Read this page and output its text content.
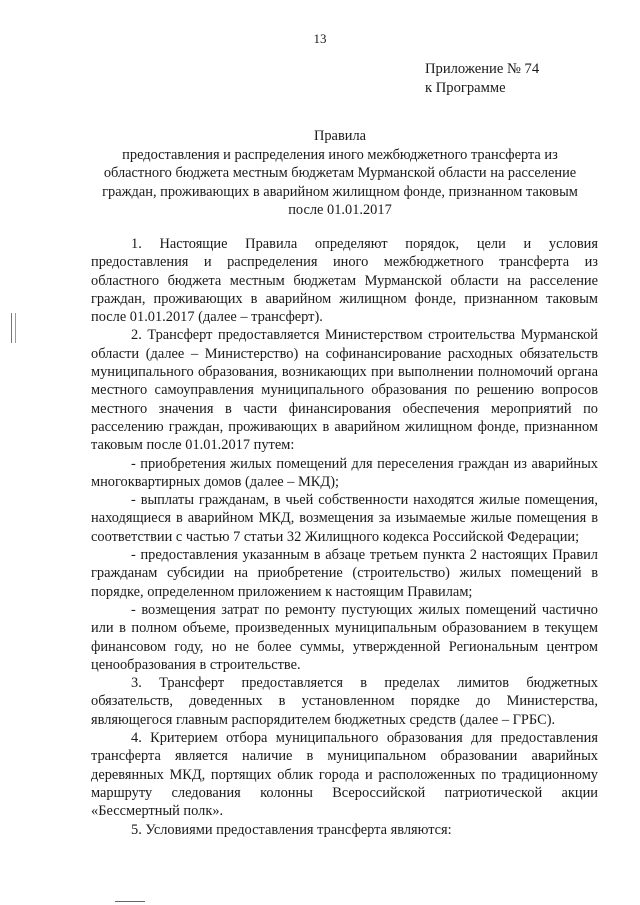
13
Приложение № 74
к Программе
Правила
предоставления и распределения иного межбюджетного трансферта из
областного бюджета местным бюджетам Мурманской области на расселение
граждан, проживающих в аварийном жилищном фонде, признанном таковым
после 01.01.2017

1. Настоящие Правила определяют порядок, цели и условия предоставления и распределения иного межбюджетного трансферта из областного бюджета местным бюджетам Мурманской области на расселение граждан, проживающих в аварийном жилищном фонде, признанном таковым после 01.01.2017 (далее – трансферт).

2. Трансферт предоставляется Министерством строительства Мурманской области (далее – Министерство) на софинансирование расходных обязательств муниципального образования, возникающих при выполнении полномочий органа местного самоуправления муниципального образования по решению вопросов местного значения в части финансирования обеспечения мероприятий по расселению граждан, проживающих в аварийном жилищном фонде, признанном таковым после 01.01.2017 путем:

- приобретения жилых помещений для переселения граждан из аварийных многоквартирных домов (далее – МКД);

- выплаты гражданам, в чьей собственности находятся жилые помещения, находящиеся в аварийном МКД, возмещения за изымаемые жилые помещения в соответствии с частью 7 статьи 32 Жилищного кодекса Российской Федерации;

- предоставления указанным в абзаце третьем пункта 2 настоящих Правил гражданам субсидии на приобретение (строительство) жилых помещений в порядке, определенном приложением к настоящим Правилам;

- возмещения затрат по ремонту пустующих жилых помещений частично или в полном объеме, произведенных муниципальным образованием в текущем финансовом году, но не более суммы, утвержденной Региональным центром ценообразования в строительстве.

3. Трансферт предоставляется в пределах лимитов бюджетных обязательств, доведенных в установленном порядке до Министерства, являющегося главным распорядителем бюджетных средств (далее – ГРБС).

4. Критерием отбора муниципального образования для предоставления трансферта является наличие в муниципальном образовании аварийных деревянных МКД, портящих облик города и расположенных по традиционному маршруту следования колонны Всероссийской патриотической акции «Бессмертный полк».

5. Условиями предоставления трансферта являются:
